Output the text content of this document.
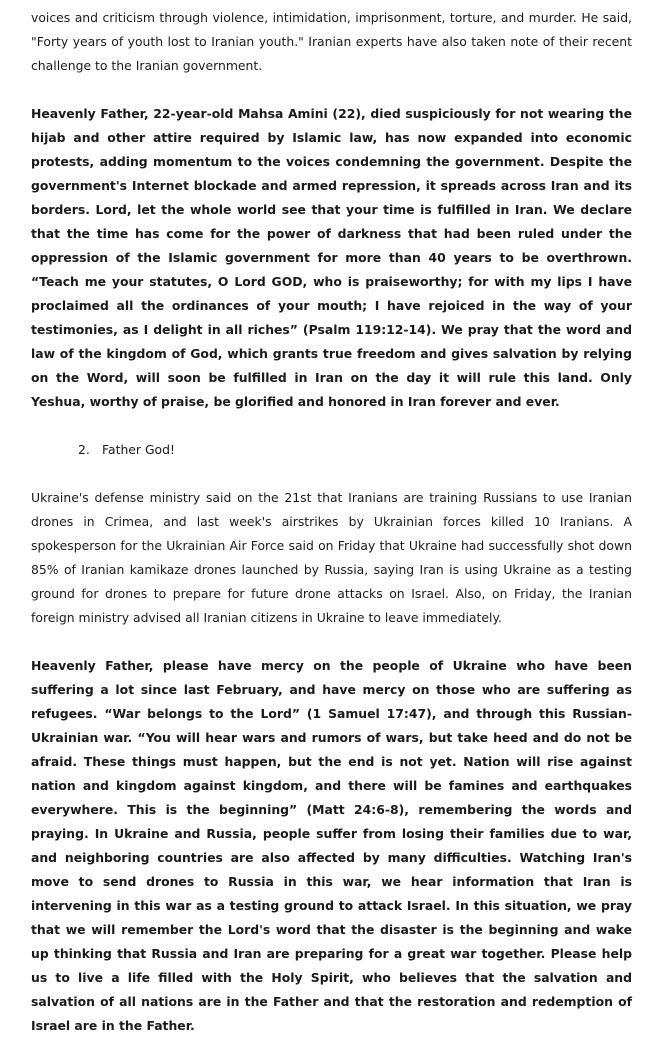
voices and criticism through violence, intimidation, imprisonment, torture, and murder. He said, "Forty years of youth lost to Iranian youth." Iranian experts have also taken note of their recent challenge to the Iranian government.

Heavenly Father, 22-year-old Mahsa Amini (22), died suspiciously for not wearing the hijab and other attire required by Islamic law, has now expanded into economic protests, adding momentum to the voices condemning the government. Despite the government's Internet blockade and armed repression, it spreads across Iran and its borders. Lord, let the whole world see that your time is fulfilled in Iran. We declare that the time has come for the power of darkness that had been ruled under the oppression of the Islamic government for more than 40 years to be overthrown. “Teach me your statutes, O Lord GOD, who is praiseworthy; for with my lips I have proclaimed all the ordinances of your mouth; I have rejoiced in the way of your testimonies, as I delight in all riches” (Psalm 119:12-14). We pray that the word and law of the kingdom of God, which grants true freedom and gives salvation by relying on the Word, will soon be fulfilled in Iran on the day it will rule this land. Only Yeshua, worthy of praise, be glorified and honored in Iran forever and ever.

2. Father God!

Ukraine's defense ministry said on the 21st that Iranians are training Russians to use Iranian drones in Crimea, and last week's airstrikes by Ukrainian forces killed 10 Iranians. A spokesperson for the Ukrainian Air Force said on Friday that Ukraine had successfully shot down 85% of Iranian kamikaze drones launched by Russia, saying Iran is using Ukraine as a testing ground for drones to prepare for future drone attacks on Israel. Also, on Friday, the Iranian foreign ministry advised all Iranian citizens in Ukraine to leave immediately.

Heavenly Father, please have mercy on the people of Ukraine who have been suffering a lot since last February, and have mercy on those who are suffering as refugees. “War belongs to the Lord” (1 Samuel 17:47), and through this Russian-Ukrainian war. “You will hear wars and rumors of wars, but take heed and do not be afraid. These things must happen, but the end is not yet. Nation will rise against nation and kingdom against kingdom, and there will be famines and earthquakes everywhere. This is the beginning” (Matt 24:6-8), remembering the words and praying. In Ukraine and Russia, people suffer from losing their families due to war, and neighboring countries are also affected by many difficulties. Watching Iran's move to send drones to Russia in this war, we hear information that Iran is intervening in this war as a testing ground to attack Israel. In this situation, we pray that we will remember the Lord's word that the disaster is the beginning and wake up thinking that Russia and Iran are preparing for a great war together. Please help us to live a life filled with the Holy Spirit, who believes that the salvation and salvation of all nations are in the Father and that the restoration and redemption of Israel are in the Father.
